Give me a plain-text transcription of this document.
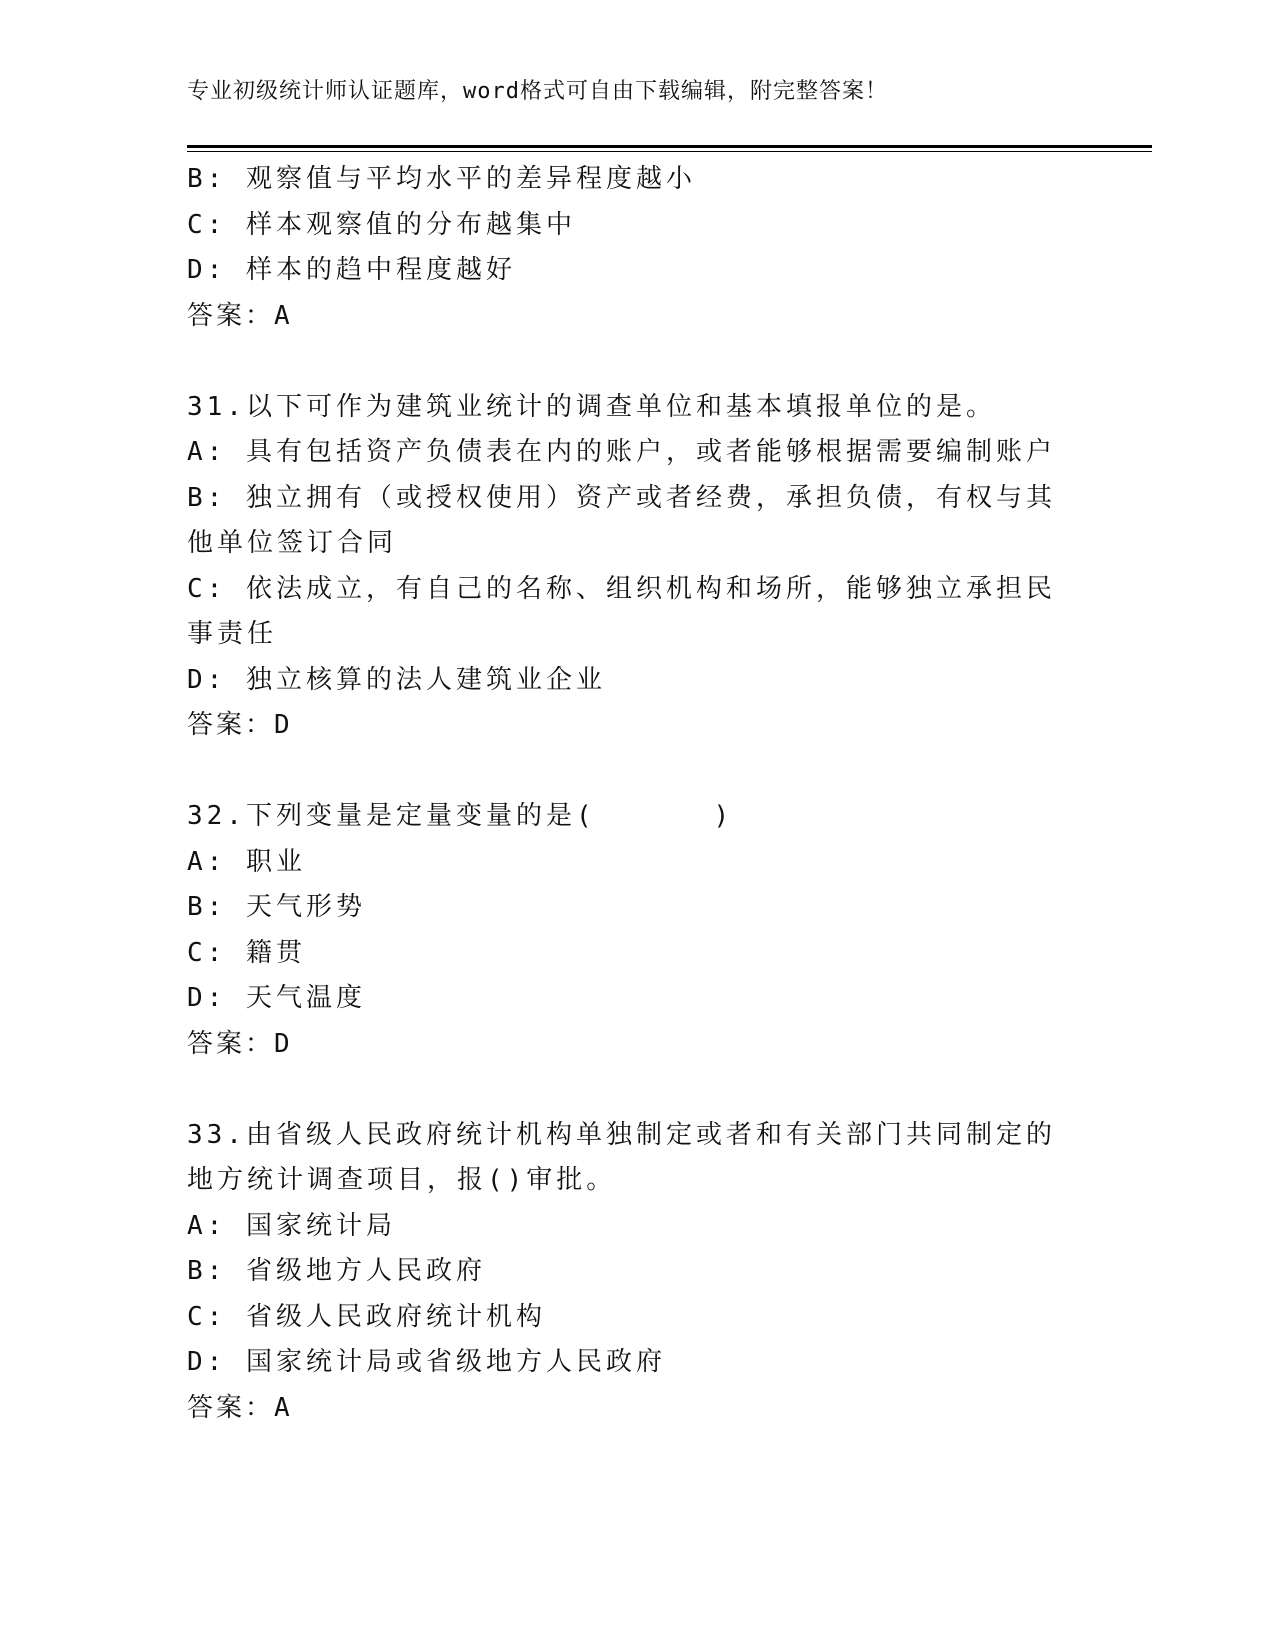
专业初级统计师认证题库，word格式可自由下载编辑，附完整答案！
B: 观察值与平均水平的差异程度越小
C: 样本观察值的分布越集中
D: 样本的趋中程度越好
答案：A
31.以下可作为建筑业统计的调查单位和基本填报单位的是。
A: 具有包括资产负债表在内的账户，或者能够根据需要编制账户
B: 独立拥有（或授权使用）资产或者经费，承担负债，有权与其他单位签订合同
C: 依法成立，有自己的名称、组织机构和场所，能够独立承担民事责任
D: 独立核算的法人建筑业企业
答案：D
32.下列变量是定量变量的是(      )
A: 职业
B: 天气形势
C: 籍贯
D: 天气温度
答案：D
33.由省级人民政府统计机构单独制定或者和有关部门共同制定的地方统计调查项目，报()审批。
A: 国家统计局
B: 省级地方人民政府
C: 省级人民政府统计机构
D: 国家统计局或省级地方人民政府
答案：A
